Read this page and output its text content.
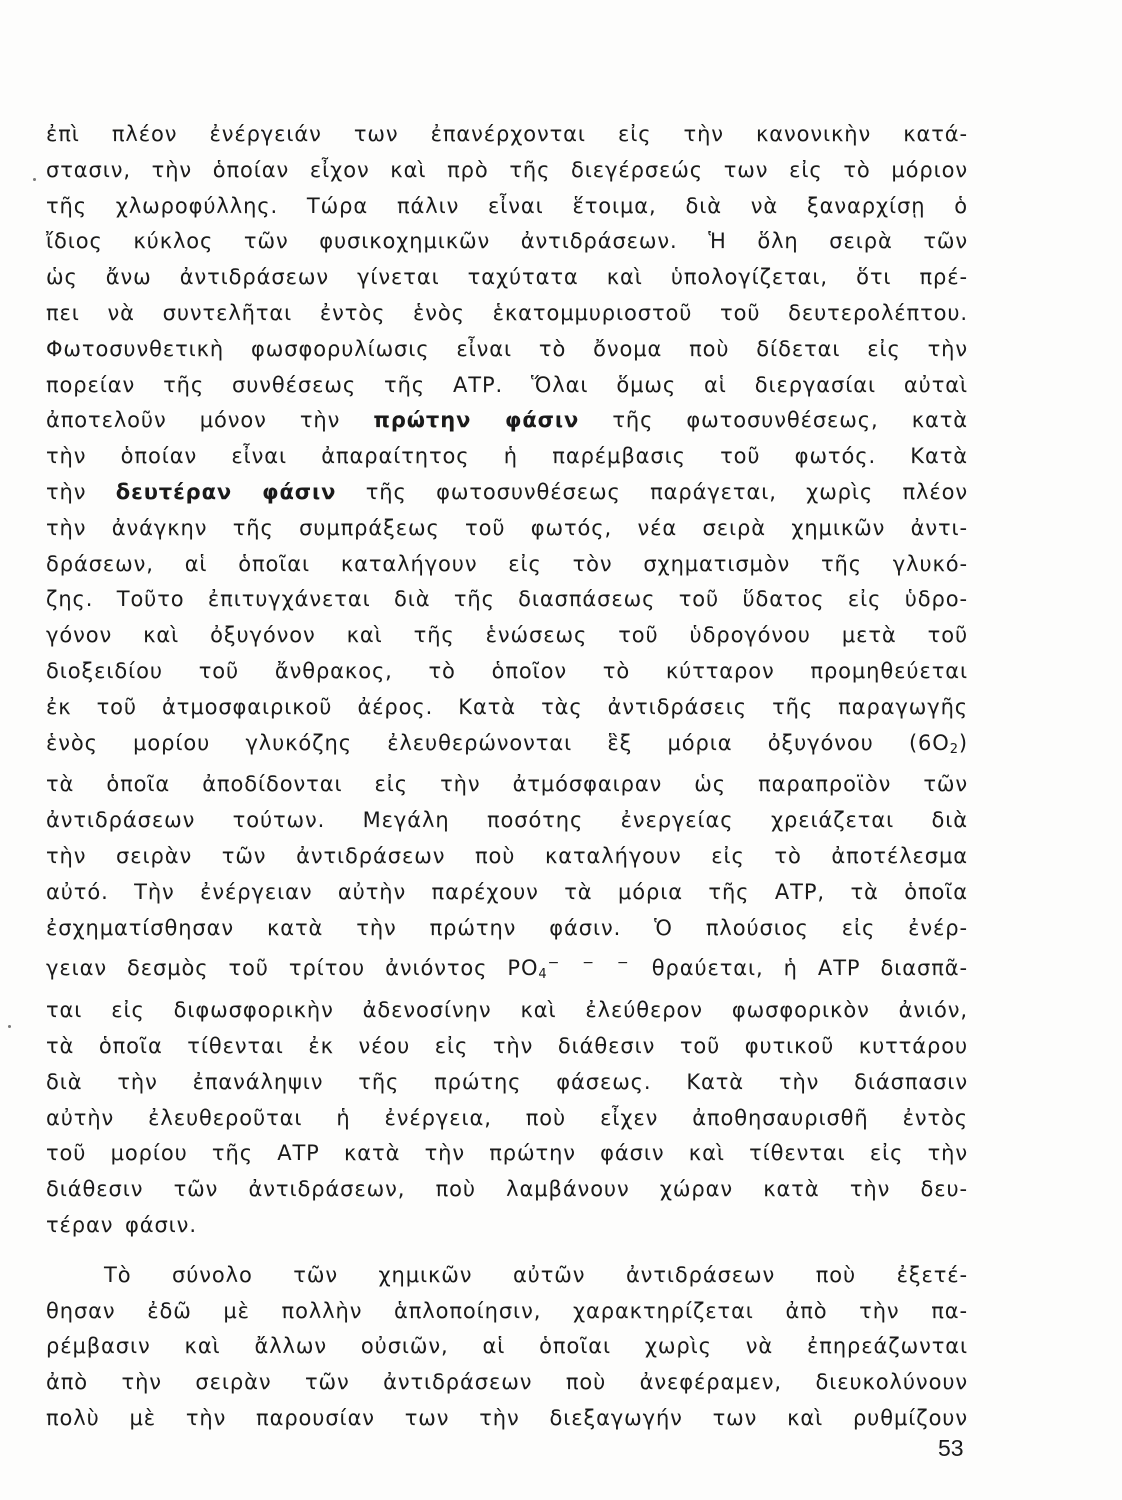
ἐπὶ πλέον ἐνέργειάν των ἐπανέρχονται εἰς τὴν κανονικὴν κατά-
στασιν, τὴν ὁποίαν εἶχον καὶ πρὸ τῆς διεγέρσεώς των εἰς τὸ μόριον
τῆς χλωροφύλλης. Τώρα πάλιν εἶναι ἕτοιμα, διὰ νὰ ξαναρχίσῃ ὁ
ἴδιος κύκλος τῶν φυσικοχημικῶν ἀντιδράσεων. Ἡ ὅλη σειρὰ τῶν
ὡς ἄνω ἀντιδράσεων γίνεται ταχύτατα καὶ ὑπολογίζεται, ὅτι πρέ-
πει νὰ συντελῆται ἐντὸς ἑνὸς ἑκατομμυριοστοῦ τοῦ δευτερολέπτου.
Φωτοσυνθετικὴ φωσφορυλίωσις εἶναι τὸ ὄνομα ποὺ δίδεται εἰς τὴν
πορείαν τῆς συνθέσεως τῆς ΑΤΡ. Ὅλαι ὅμως αἱ διεργασίαι αὐταὶ
ἀποτελοῦν μόνον τὴν πρώτην φάσιν τῆς φωτοσυνθέσεως, κατὰ
τὴν ὁποίαν εἶναι ἀπαραίτητος ἡ παρέμβασις τοῦ φωτός. Κατὰ
τὴν δευτέραν φάσιν τῆς φωτοσυνθέσεως παράγεται, χωρὶς πλέον
τὴν ἀνάγκην τῆς συμπράξεως τοῦ φωτός, νέα σειρὰ χημικῶν ἀντι-
δράσεων, αἱ ὁποῖαι καταλήγουν εἰς τὸν σχηματισμὸν τῆς γλυκό-
ζης. Τοῦτο ἐπιτυγχάνεται διὰ τῆς διασπάσεως τοῦ ὕδατος εἰς ὑδρο-
γόνον καὶ ὀξυγόνον καὶ τῆς ἑνώσεως τοῦ ὑδρογόνου μετὰ τοῦ
διοξειδίου τοῦ ἄνθρακος, τὸ ὁποῖον τὸ κύτταρον προμηθεύεται
ἐκ τοῦ ἀτμοσφαιρικοῦ ἀέρος. Κατὰ τὰς ἀντιδράσεις τῆς παραγωγῆς
ἑνὸς μορίου γλυκόζης ἐλευθερώνονται ἓξ μόρια ὀξυγόνου $(6O_2)$
τὰ ὁποῖα ἀποδίδονται εἰς τὴν ἀτμόσφαιραν ὡς παραπροϊὸν τῶν
ἀντιδράσεων τούτων. Μεγάλη ποσότης ἐνεργείας χρειάζεται διὰ
τὴν σειρὰν τῶν ἀντιδράσεων ποὺ καταλήγουν εἰς τὸ ἀποτέλεσμα
αὐτό. Τὴν ἐνέργειαν αὐτὴν παρέχουν τὰ μόρια τῆς ΑΤΡ, τὰ ὁποῖα
ἐσχηματίσθησαν κατὰ τὴν πρώτην φάσιν. Ὁ πλούσιος εἰς ἐνέρ-
γειαν δεσμὸς τοῦ τρίτου ἀνιόντος $PO_4^{- - -}$ θραύεται, ἡ ΑΤΡ διασπᾶ-
ται εἰς διφωσφορικὴν ἀδενοσίνην καὶ ἐλεύθερον φωσφορικὸν ἀνιόν,
τὰ ὁποῖα τίθενται ἐκ νέου εἰς τὴν διάθεσιν τοῦ φυτικοῦ κυττάρου
διὰ τὴν ἐπανάληψιν τῆς πρώτης φάσεως. Κατὰ τὴν διάσπασιν
αὐτὴν ἐλευθεροῦται ἡ ἐνέργεια, ποὺ εἶχεν ἀποθησαυρισθῆ ἐντὸς
τοῦ μορίου τῆς ΑΤΡ κατὰ τὴν πρώτην φάσιν καὶ τίθενται εἰς τὴν
διάθεσιν τῶν ἀντιδράσεων, ποὺ λαμβάνουν χώραν κατὰ τὴν δευ-
τέραν φάσιν.
Τὸ σύνολο τῶν χημικῶν αὐτῶν ἀντιδράσεων ποὺ ἐξετέ-
θησαν ἐδῶ μὲ πολλὴν ἁπλοποίησιν, χαρακτηρίζεται ἀπὸ τὴν πα-
ρέμβασιν καὶ ἄλλων οὐσιῶν, αἱ ὁποῖαι χωρὶς νὰ ἐπηρεάζωνται
ἀπὸ τὴν σειρὰν τῶν ἀντιδράσεων ποὺ ἀνεφέραμεν, διευκολύνουν
πολὺ μὲ τὴν παρουσίαν των τὴν διεξαγωγήν των καὶ ρυθμίζουν
53
